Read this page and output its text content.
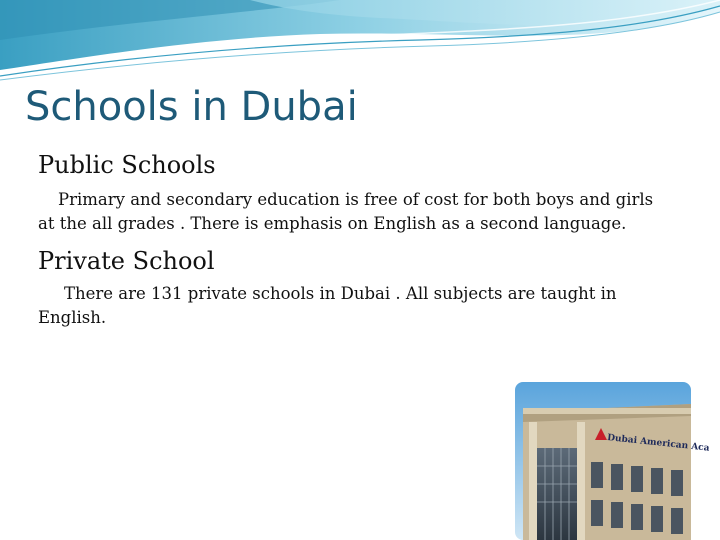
Schools in Dubai
Public Schools
Primary and secondary education is free of cost for both boys and girls
at the all grades . There is emphasis on English as a second language.
Private School
There are 131 private schools in Dubai . All subjects are taught in
English.
Dubai American Aca
